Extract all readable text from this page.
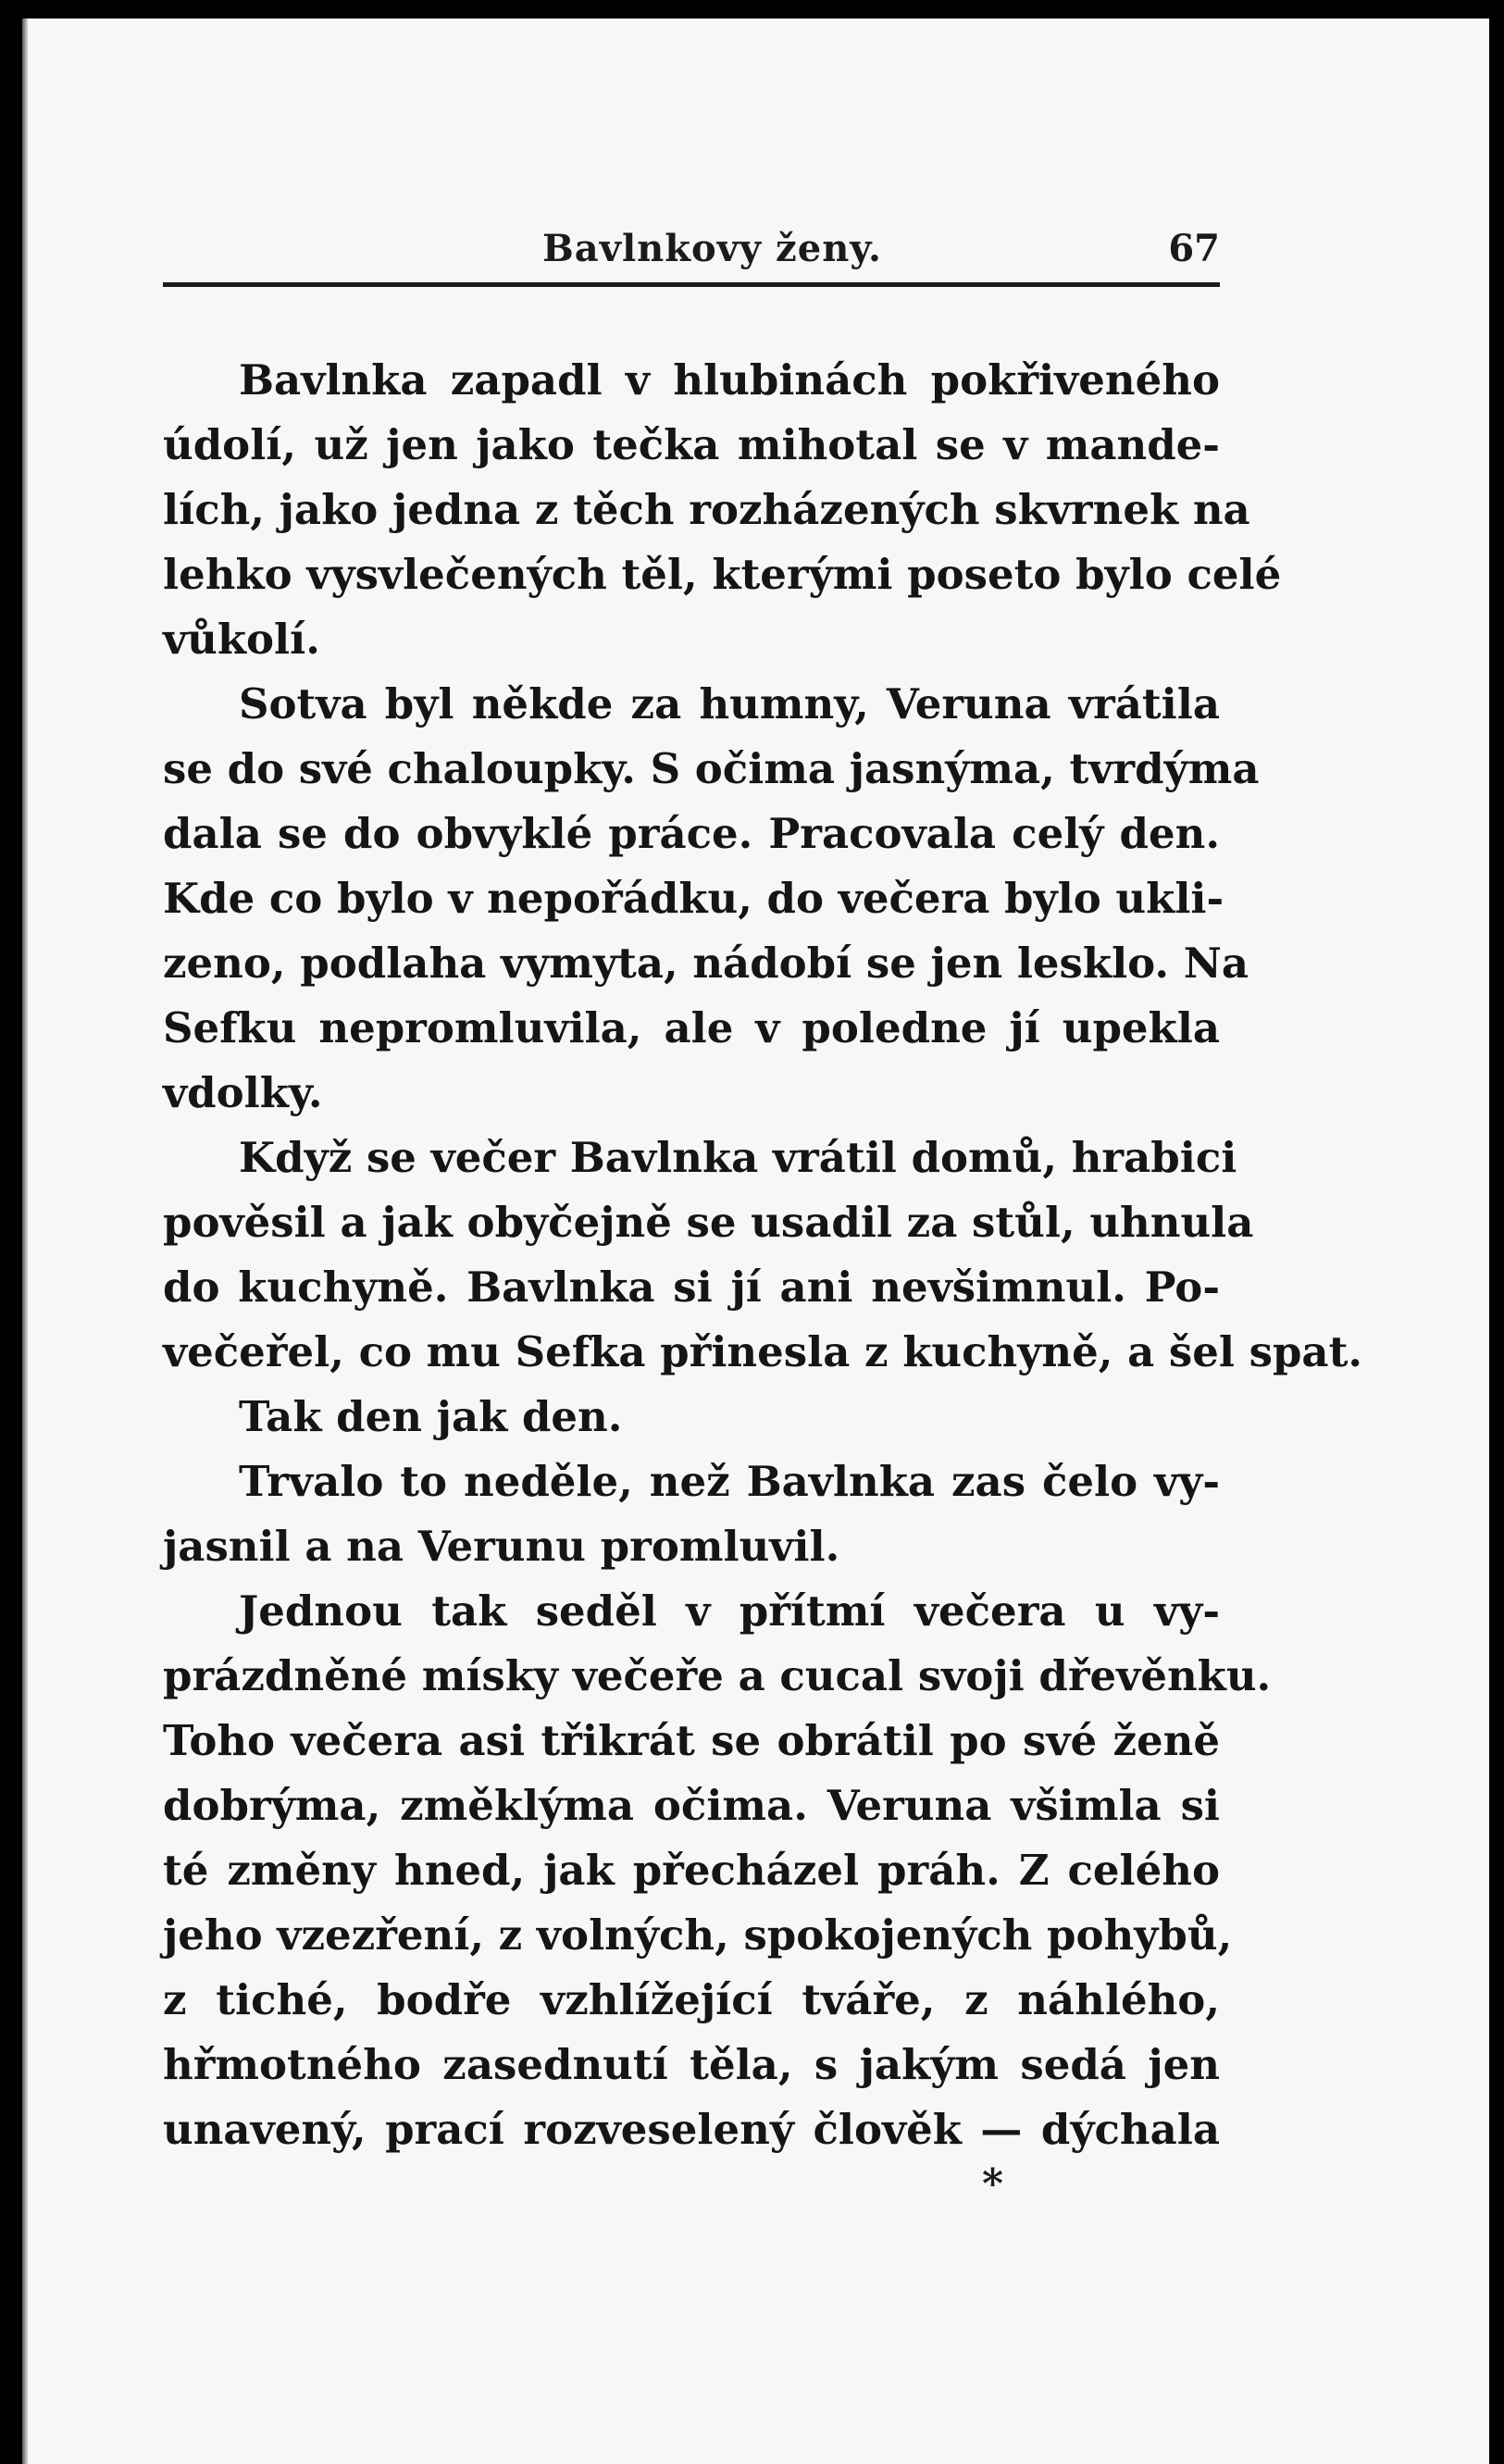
Bavlnkovy ženy.	67
Bavlnka zapadl v hlubinách pokřiveného
údolí, už jen jako tečka mihotal se v mande-
lích, jako jedna z těch rozházených skvrnek na
lehko vysvlečených těl, kterými poseto bylo celé
vůkolí.
Sotva byl někde za humny, Veruna vrátila
se do své chaloupky. S očima jasnýma, tvrdýma
dala se do obvyklé práce. Pracovala celý den.
Kde co bylo v nepořádku, do večera bylo ukli-
zeno, podlaha vymyta, nádobí se jen lesklo. Na
Sefku nepromluvila, ale v poledne jí upekla
vdolky.
Když se večer Bavlnka vrátil domů, hrabici
pověsil a jak obyčejně se usadil za stůl, uhnula
do kuchyně. Bavlnka si jí ani nevšimnul. Po-
večeřel, co mu Sefka přinesla z kuchyně, a šel spat.
Tak den jak den.
Trvalo to neděle, než Bavlnka zas čelo vy-
jasnil a na Verunu promluvil.
Jednou tak seděl v přítmí večera u vy-
prázdněné mísky večeře a cucal svoji dřevěnku.
Toho večera asi třikrát se obrátil po své ženě
dobrýma, změklýma očima. Veruna všimla si
té změny hned, jak přecházel práh. Z celého
jeho vzezření, z volných, spokojených pohybů,
z tiché, bodře vzhlížející tváře, z náhlého,
hřmotného zasednutí těla, s jakým sedá jen
unavený, prací rozveselený člověk — dýchala
*
